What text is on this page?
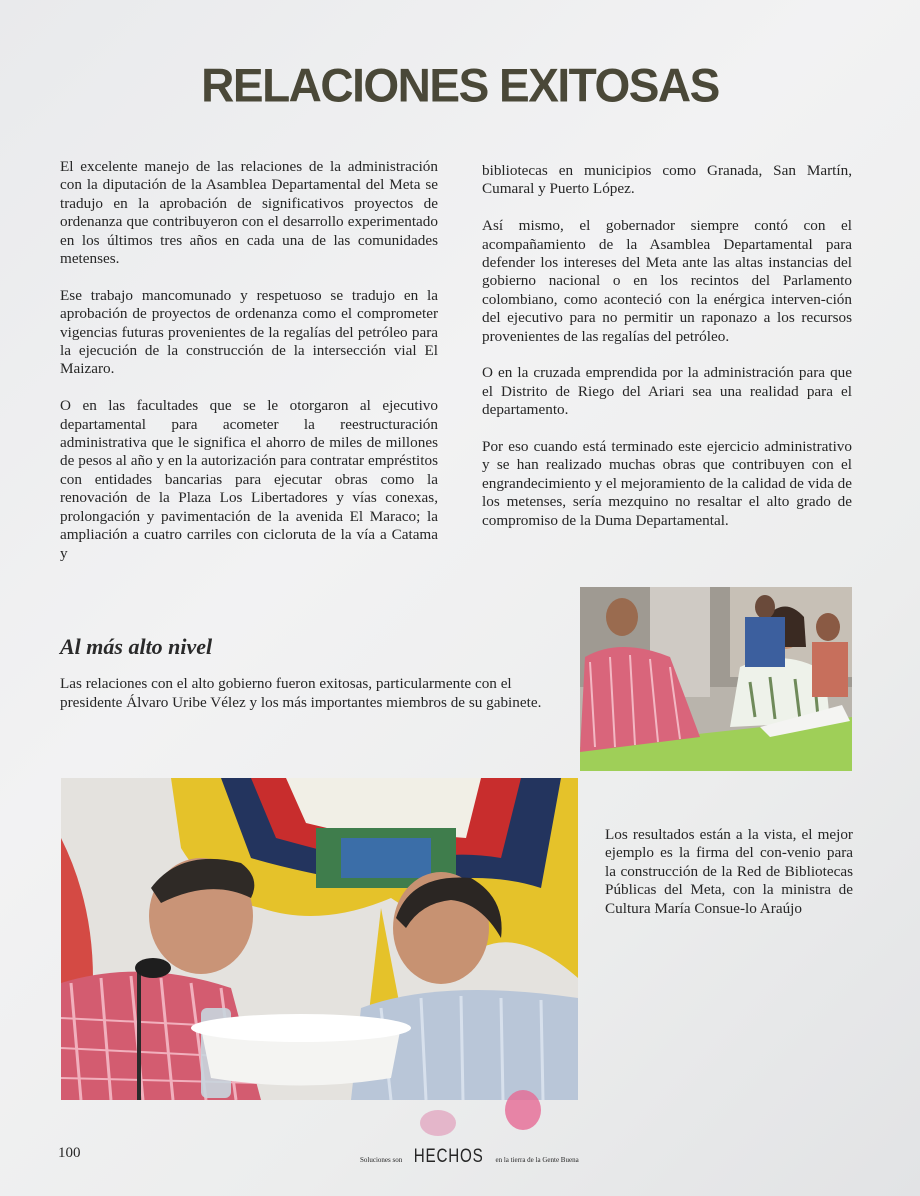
RELACIONES EXITOSAS

El excelente manejo de las relaciones de la administración con la diputación de la Asamblea Departamental del Meta se tradujo en la aprobación de significativos proyectos de ordenanza que contribuyeron con el desarrollo experimentado en los últimos tres años en cada una de las comunidades metenses.

Ese trabajo mancomunado y respetuoso se tradujo en la aprobación de proyectos de ordenanza como el comprometer vigencias futuras provenientes de la regalías del petróleo para la ejecución de la construcción de la intersección vial El Maizaro.

O en las facultades que se le otorgaron al ejecutivo departamental para acometer la reestructuración administrativa que le significa el ahorro de miles de millones de pesos al año y en la autorización para contratar empréstitos con entidades bancarias para ejecutar obras como la renovación de la Plaza Los Libertadores y vías conexas, prolongación y pavimentación de la avenida El Maraco; la ampliación a cuatro carriles con cicloruta de la vía a Catama y

bibliotecas en municipios como Granada, San Martín, Cumaral y Puerto López.

Así mismo, el gobernador siempre contó con el acompañamiento de la Asamblea Departamental para defender los intereses del Meta ante las altas instancias del gobierno nacional o en los recintos del Parlamento colombiano, como aconteció con la enérgica interven-ción del ejecutivo para no permitir un raponazo a los recursos provenientes de las regalías del petróleo.

O en la cruzada emprendida por la administración para que el Distrito de Riego del Ariari sea una realidad para el departamento.

Por eso cuando está terminado este ejercicio administrativo y se han realizado muchas obras que contribuyen con el engrandecimiento y el mejoramiento de la calidad de vida de los metenses, sería mezquino no resaltar el alto grado de compromiso de la Duma Departamental.

Al más alto nivel

Las relaciones con el alto gobierno fueron exitosas, particularmente con el presidente Álvaro Uribe Vélez y los más importantes miembros de su gabinete.

Los resultados están a la vista, el mejor ejemplo es la firma del con-venio para la construcción de la Red de Bibliotecas Públicas del Meta, con la ministra de Cultura María Consue-lo Araújo

100	Soluciones son HECHOS en la tierra de la Gente Buena
